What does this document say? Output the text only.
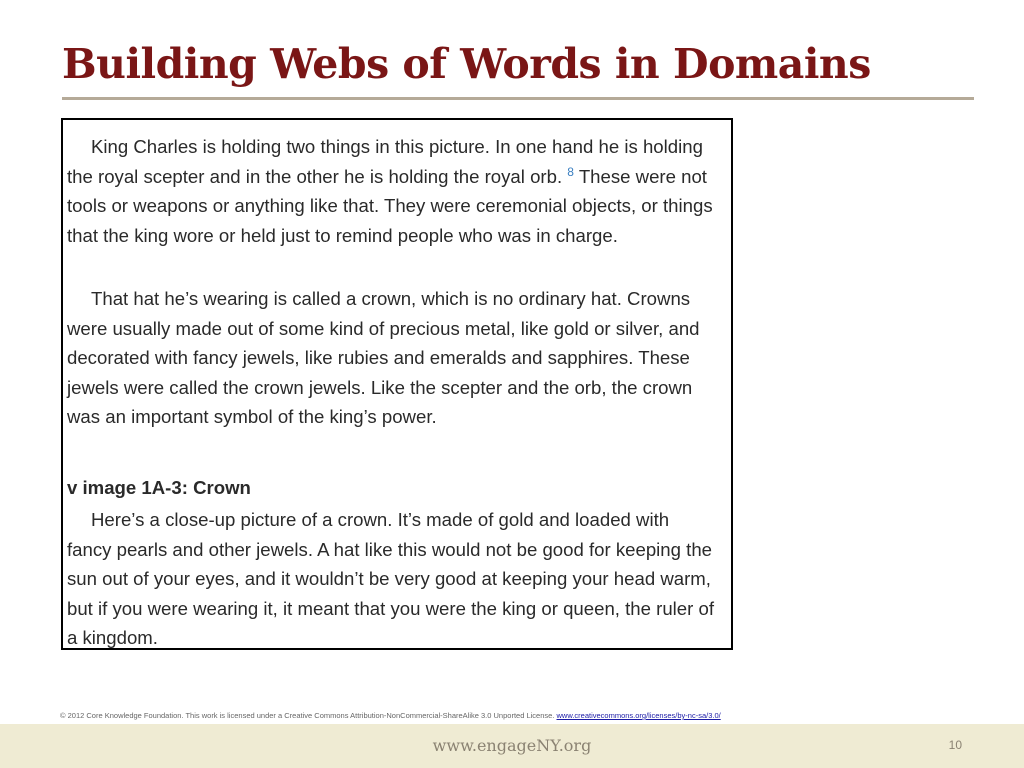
Building Webs of Words in Domains

King Charles is holding two things in this picture. In one hand he is holding the royal scepter and in the other he is holding the royal orb. $^8$ These were not tools or weapons or anything like that. They were ceremonial objects, or things that the king wore or held just to remind people who was in charge.

That hat he’s wearing is called a crown, which is no ordinary hat. Crowns were usually made out of some kind of precious metal, like gold or silver, and decorated with fancy jewels, like rubies and emeralds and sapphires. These jewels were called the crown jewels. Like the scepter and the orb, the crown was an important symbol of the king’s power.

v image 1A-3: Crown

Here’s a close-up picture of a crown. It’s made of gold and loaded with fancy pearls and other jewels. A hat like this would not be good for keeping the sun out of your eyes, and it wouldn’t be very good at keeping your head warm, but if you were wearing it, it meant that you were the king or queen, the ruler of a kingdom.

© 2012 Core Knowledge Foundation. This work is licensed under a Creative Commons Attribution-NonCommercial-ShareAlike 3.0 Unported License. www.creativecommons.org/licenses/by-nc-sa/3.0/

www.engageNY.org	10
